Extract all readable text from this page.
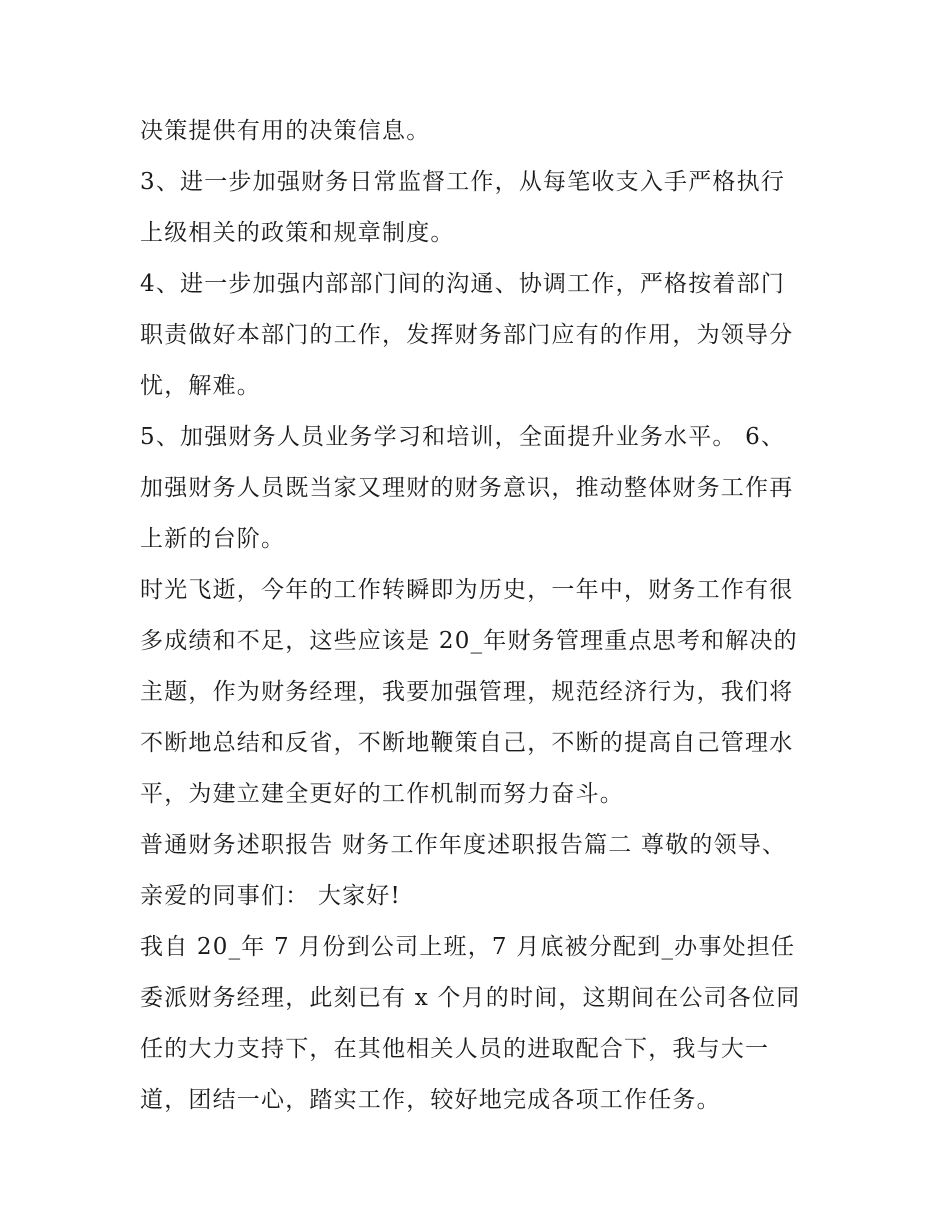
决策提供有用的决策信息。
3、进一步加强财务日常监督工作，从每笔收支入手严格执行
上级相关的政策和规章制度。
4、进一步加强内部部门间的沟通、协调工作，严格按着部门
职责做好本部门的工作，发挥财务部门应有的作用，为领导分
忧，解难。
5、加强财务人员业务学习和培训，全面提升业务水平。 6、
加强财务人员既当家又理财的财务意识，推动整体财务工作再
上新的台阶。
时光飞逝，今年的工作转瞬即为历史，一年中，财务工作有很
多成绩和不足，这些应该是 20_年财务管理重点思考和解决的
主题，作为财务经理，我要加强管理，规范经济行为，我们将
不断地总结和反省，不断地鞭策自己，不断的提高自己管理水
平，为建立建全更好的工作机制而努力奋斗。
普通财务述职报告 财务工作年度述职报告篇二 尊敬的领导、
亲爱的同事们： 大家好!
我自 20_年 7 月份到公司上班，7 月底被分配到_办事处担任
委派财务经理，此刻已有 x 个月的时间，这期间在公司各位同
任的大力支持下，在其他相关人员的进取配合下，我与大一
道，团结一心，踏实工作，较好地完成各项工作任务。
